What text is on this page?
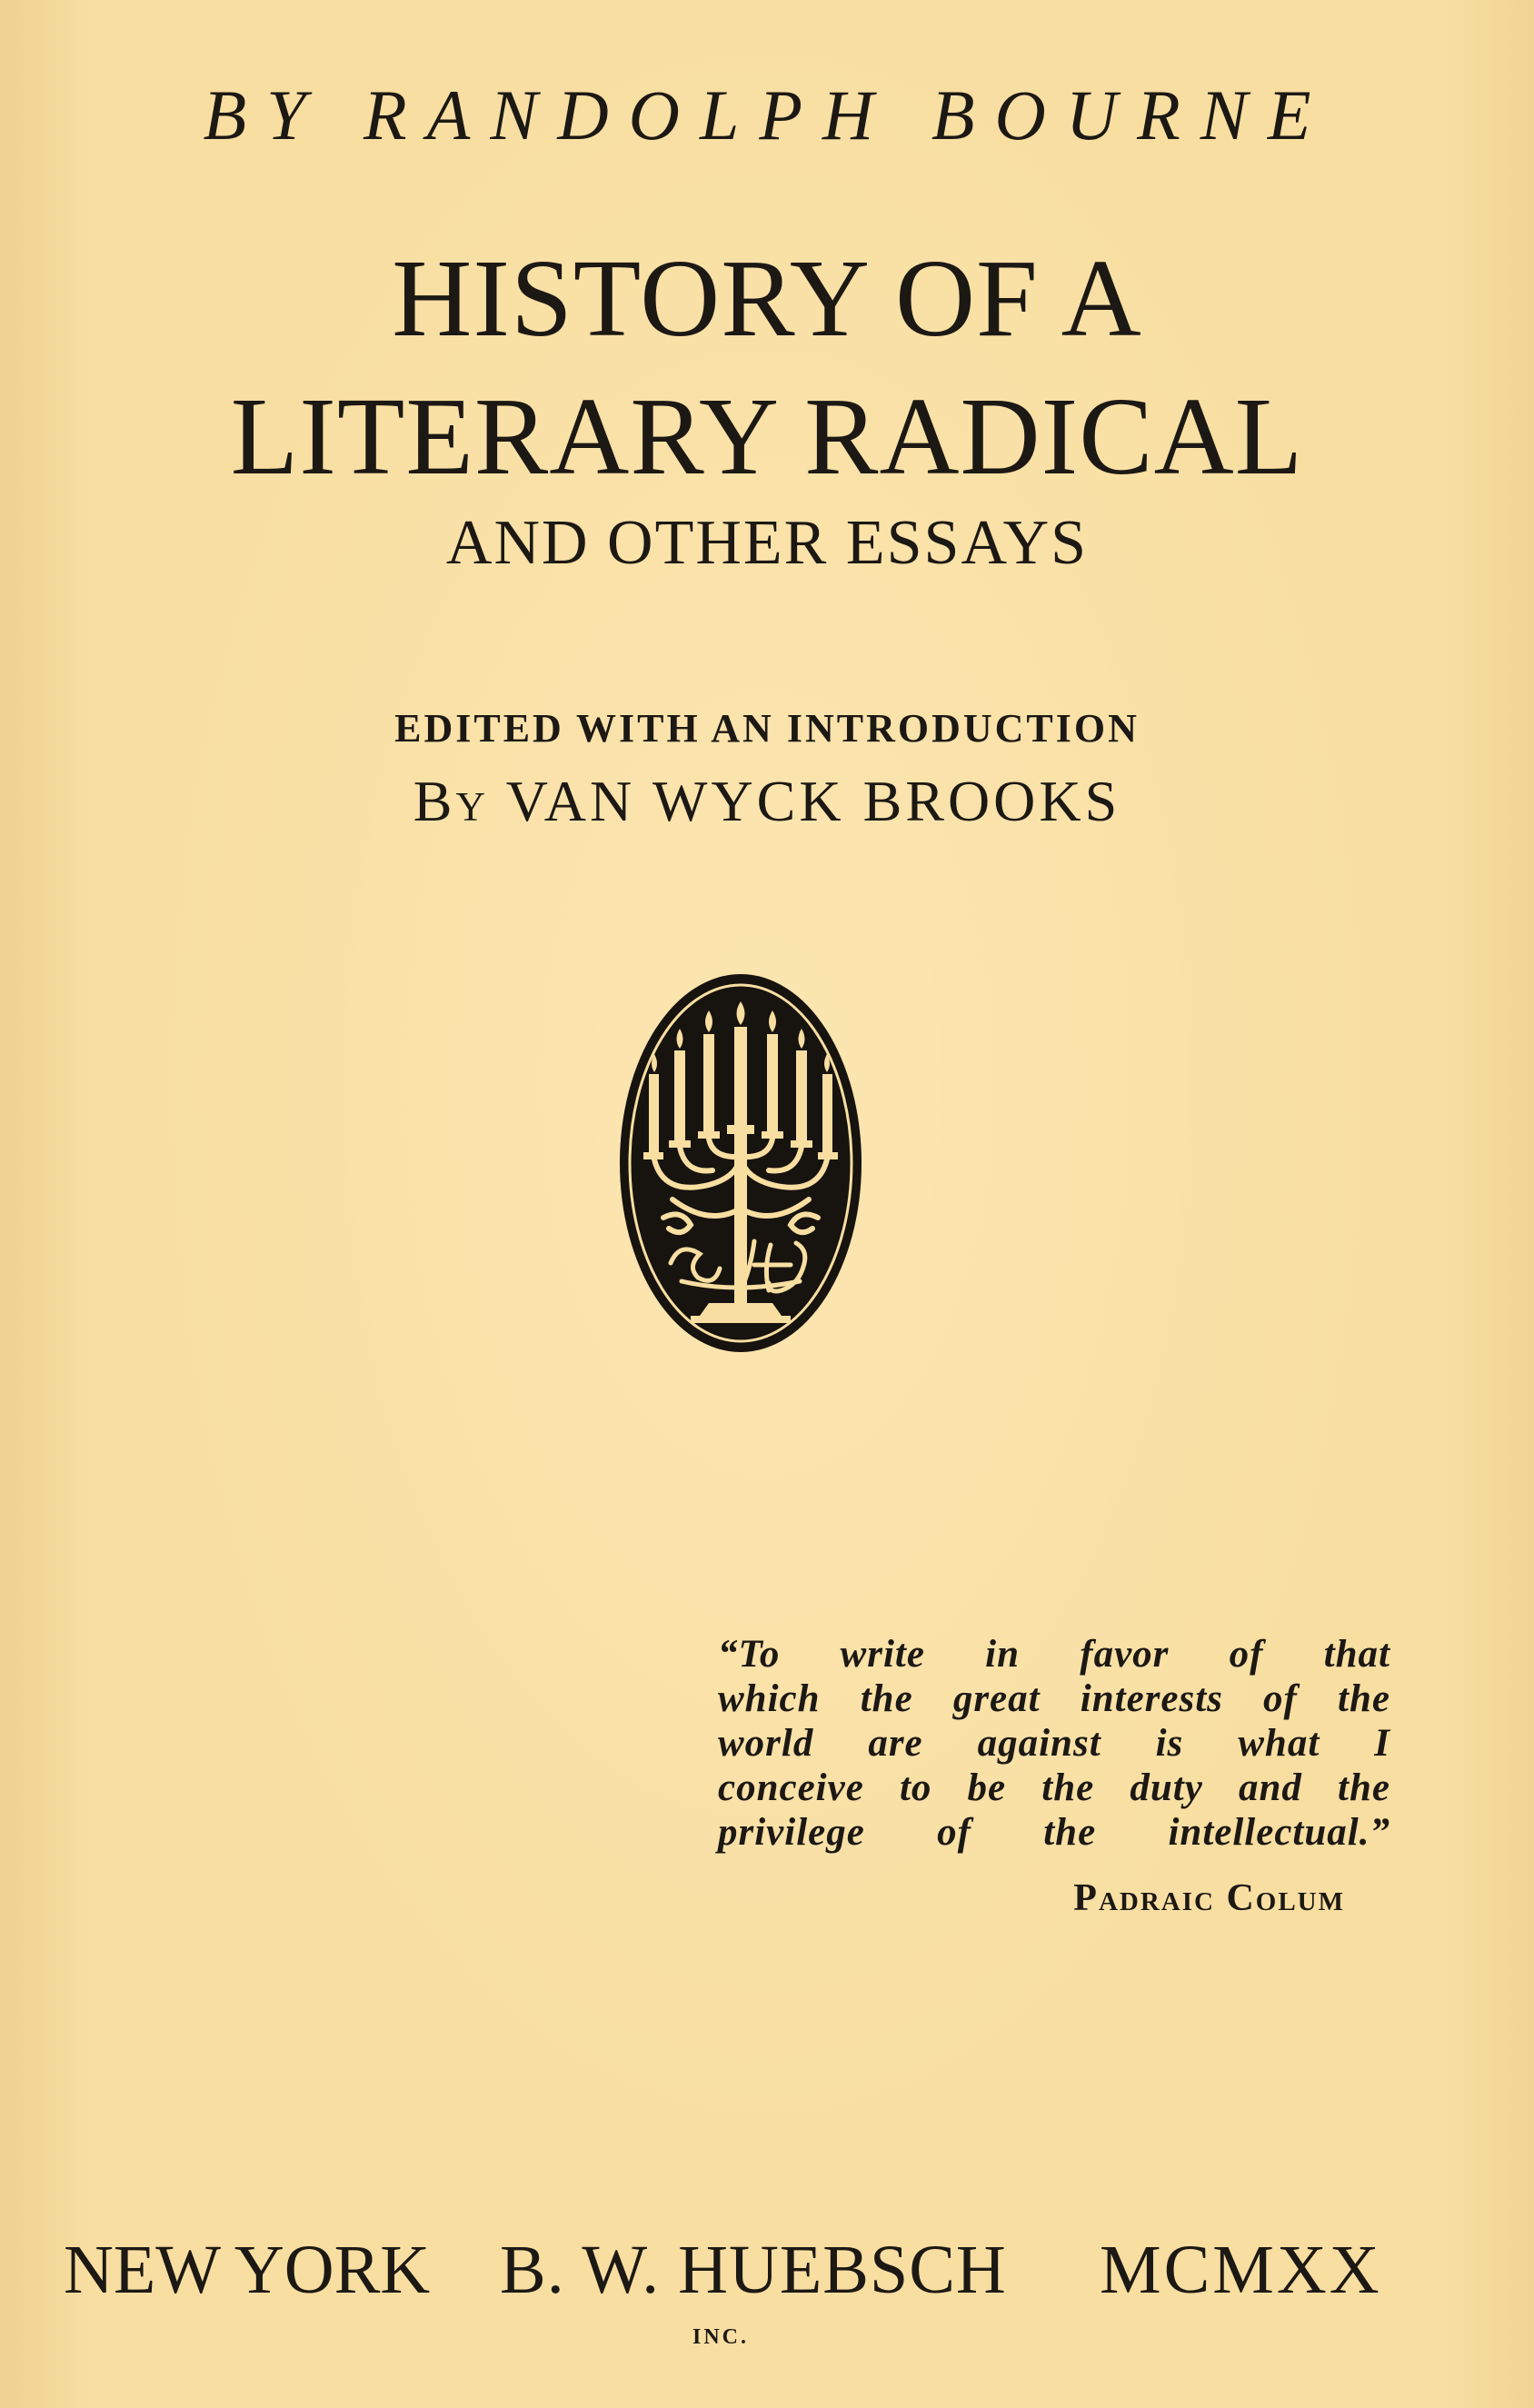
BY RANDOLPH BOURNE
HISTORY OF A
LITERARY RADICAL
AND OTHER ESSAYS
EDITED WITH AN INTRODUCTION
By VAN WYCK BROOKS
“To write in favor of that
which the great interests of the
world are against is what I
conceive to be the duty and the
privilege of the intellectual.”
Padraic Colum
NEW YORK B. W. HUEBSCH MCMXX
INC.
